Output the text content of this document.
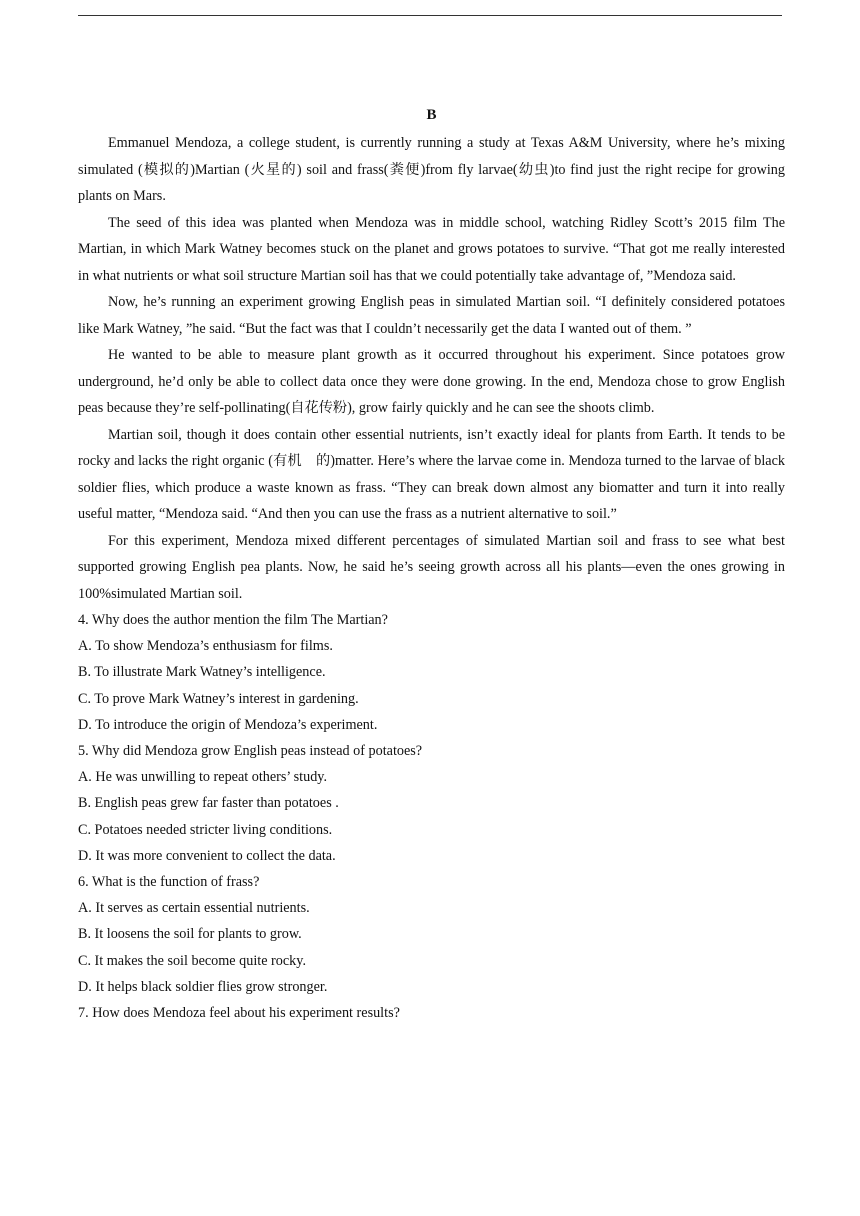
B

Emmanuel Mendoza, a college student, is currently running a study at Texas A&M University, where he’s mixing simulated (模拟的)Martian (火星的) soil and frass(粪便)from fly larvae(幼虫)to find just the right recipe for growing plants on Mars.

The seed of this idea was planted when Mendoza was in middle school, watching Ridley Scott’s 2015 film The Martian, in which Mark Watney becomes stuck on the planet and grows potatoes to survive. “That got me really interested in what nutrients or what soil structure Martian soil has that we could potentially take advantage of, ”Mendoza said.

Now, he’s running an experiment growing English peas in simulated Martian soil. “I definitely considered potatoes like Mark Watney, ”he said. “But the fact was that I couldn’t necessarily get the data I wanted out of them. ”

He wanted to be able to measure plant growth as it occurred throughout his experiment. Since potatoes grow underground, he’d only be able to collect data once they were done growing. In the end, Mendoza chose to grow English peas because they’re self-pollinating(自花传粉), grow fairly quickly and he can see the shoots climb.

Martian soil, though it does contain other essential nutrients, isn’t exactly ideal for plants from Earth. It tends to be rocky and lacks the right organic (有机　的)matter. Here’s where the larvae come in. Mendoza turned to the larvae of black soldier flies, which produce a waste known as frass. “They can break down almost any biomatter and turn it into really useful matter, “Mendoza said. “And then you can use the frass as a nutrient alternative to soil.”

For this experiment, Mendoza mixed different percentages of simulated Martian soil and frass to see what best supported growing English pea plants. Now, he said he’s seeing growth across all his plants—even the ones growing in 100%simulated Martian soil.

4. Why does the author mention the film The Martian?

A. To show Mendoza’s enthusiasm for films.

B. To illustrate Mark Watney’s intelligence.

C. To prove Mark Watney’s interest in gardening.

D. To introduce the origin of Mendoza’s experiment.

5. Why did Mendoza grow English peas instead of potatoes?

A. He was unwilling to repeat others’ study.

B. English peas grew far faster than potatoes .

C. Potatoes needed stricter living conditions.

D. It was more convenient to collect the data.

6. What is the function of frass?

A. It serves as certain essential nutrients.

B. It loosens the soil for plants to grow.

C. It makes the soil become quite rocky.

D. It helps black soldier flies grow stronger.

7. How does Mendoza feel about his experiment results?
